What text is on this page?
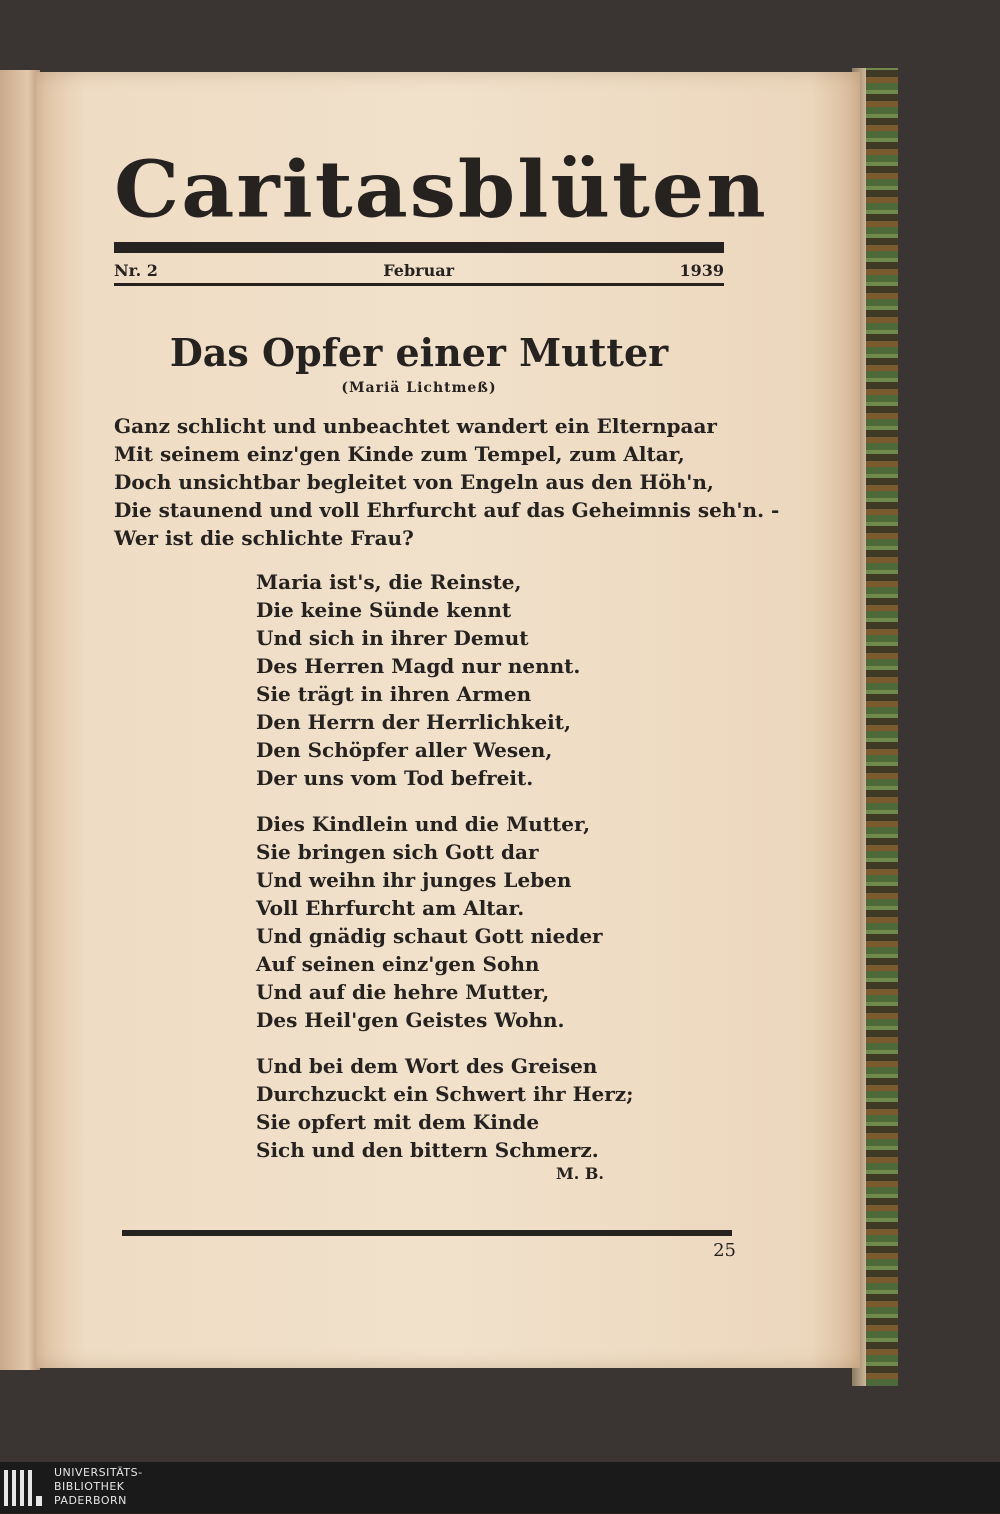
Caritasblüten
Nr. 2	Februar	1939
Das Opfer einer Mutter
(Mariä Lichtmeß)
Ganz schlicht und unbeachtet wandert ein Elternpaar
Mit seinem einz'gen Kinde zum Tempel, zum Altar,
Doch unsichtbar begleitet von Engeln aus den Höh'n,
Die staunend und voll Ehrfurcht auf das Geheimnis seh'n. -
Wer ist die schlichte Frau?
Maria ist's, die Reinste,
Die keine Sünde kennt
Und sich in ihrer Demut
Des Herren Magd nur nennt.
Sie trägt in ihren Armen
Den Herrn der Herrlichkeit,
Den Schöpfer aller Wesen,
Der uns vom Tod befreit.
Dies Kindlein und die Mutter,
Sie bringen sich Gott dar
Und weihn ihr junges Leben
Voll Ehrfurcht am Altar.
Und gnädig schaut Gott nieder
Auf seinen einz'gen Sohn
Und auf die hehre Mutter,
Des Heil'gen Geistes Wohn.
Und bei dem Wort des Greisen
Durchzuckt ein Schwert ihr Herz;
Sie opfert mit dem Kinde
Sich und den bittern Schmerz.
M. B.
25
UNIVERSITÄTS-
BIBLIOTHEK
PADERBORN
